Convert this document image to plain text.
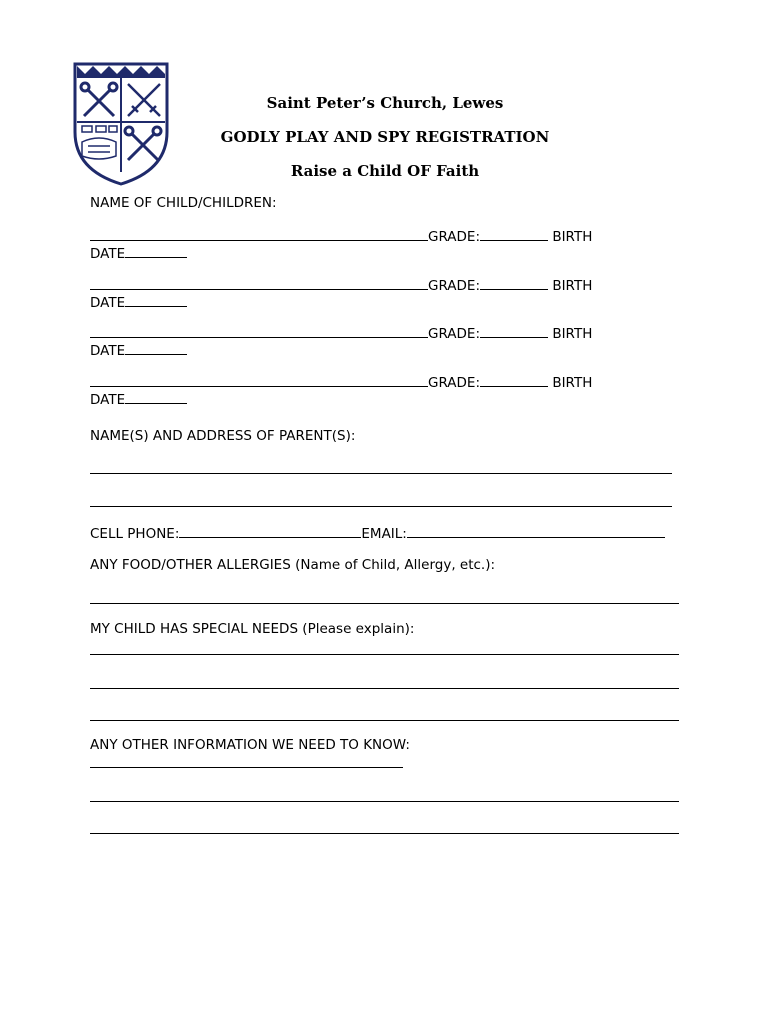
Saint Peter’s Church, Lewes
GODLY PLAY AND SPY REGISTRATION
Raise a Child OF Faith
NAME OF CHILD/CHILDREN:
GRADE:	BIRTH
DATE
GRADE:	BIRTH
DATE
GRADE:	BIRTH
DATE
GRADE:	BIRTH
DATE
NAME(S) AND ADDRESS OF PARENT(S):
CELL PHONE:	EMAIL:
ANY FOOD/OTHER ALLERGIES (Name of Child, Allergy, etc.):
MY CHILD HAS SPECIAL NEEDS (Please explain):
ANY OTHER INFORMATION WE NEED TO KNOW:
